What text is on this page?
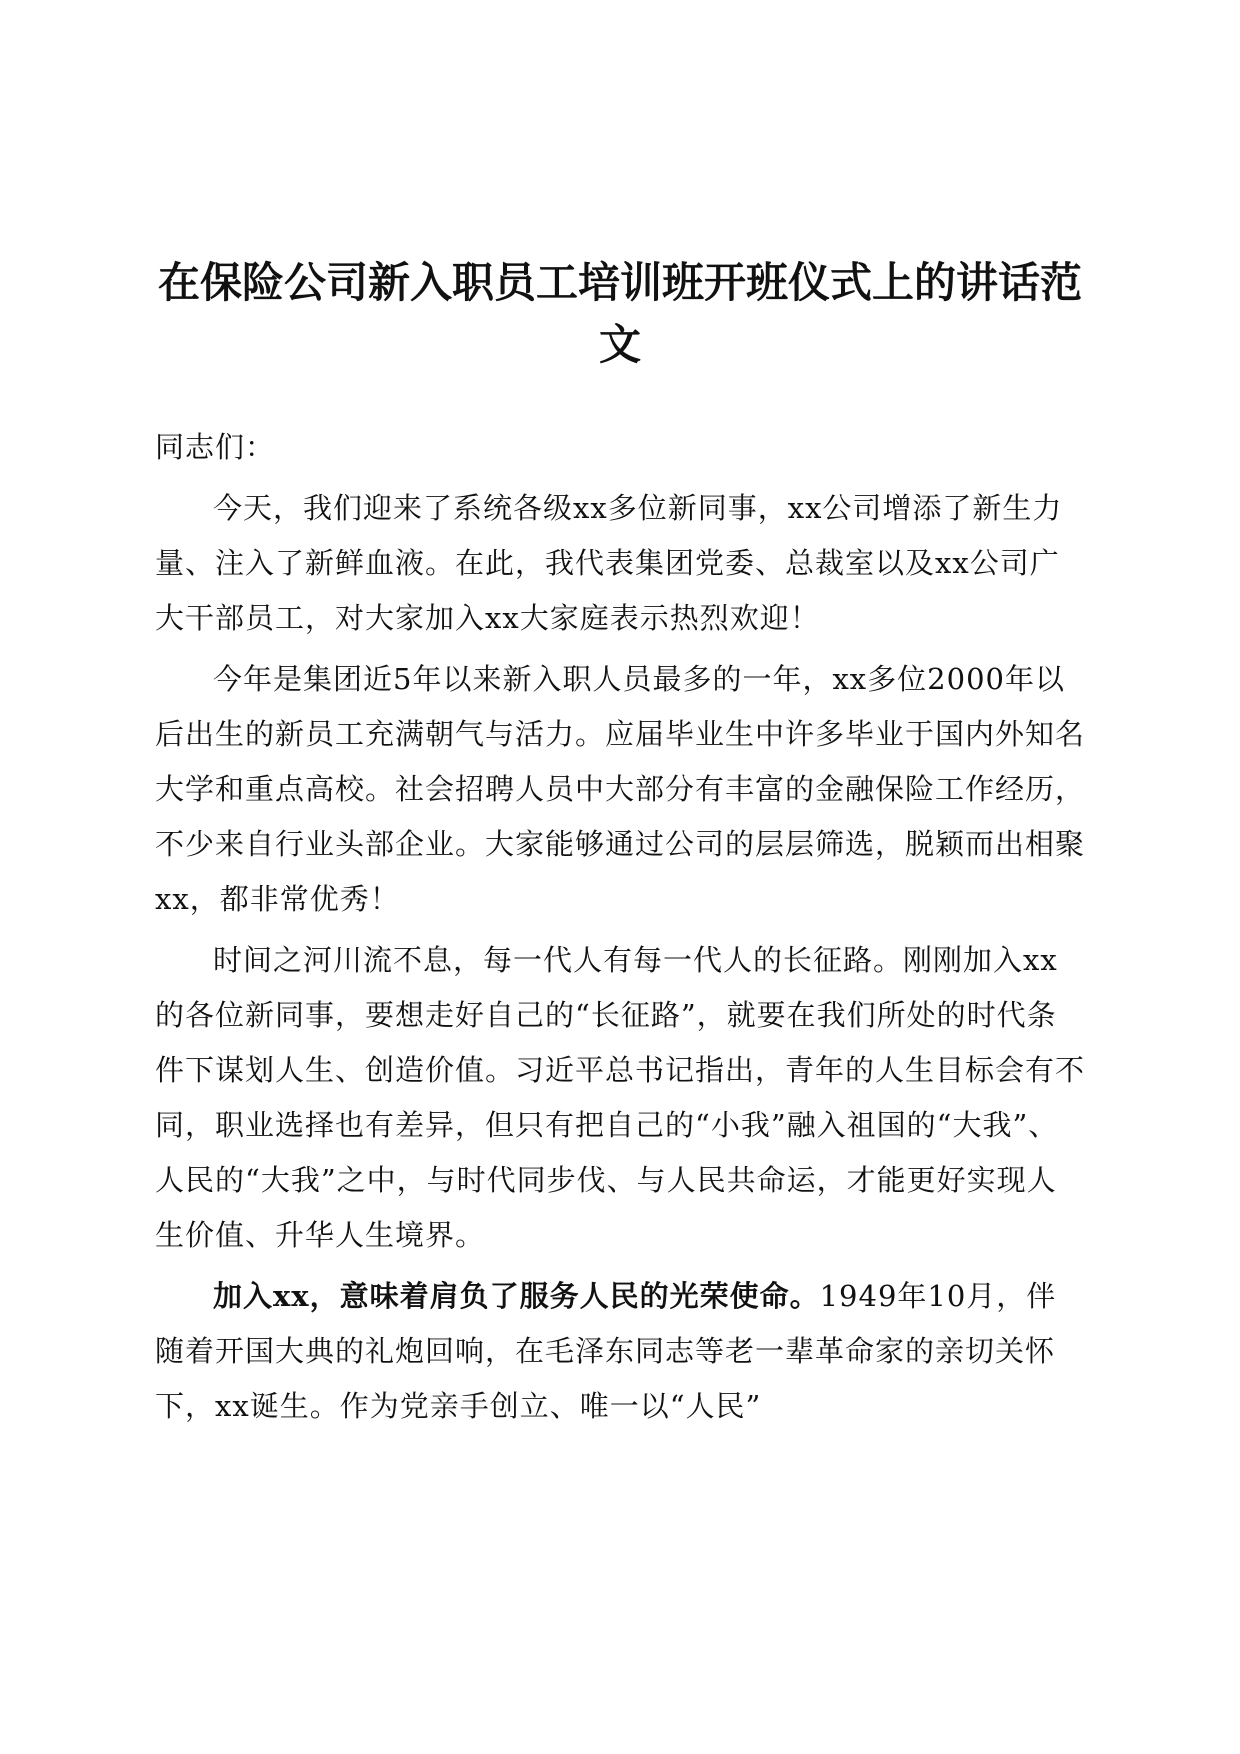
在保险公司新入职员工培训班开班仪式上的讲话范文

同志们：

今天，我们迎来了系统各级xx多位新同事，xx公司增添了新生力量、注入了新鲜血液。在此，我代表集团党委、总裁室以及xx公司广大干部员工，对大家加入xx大家庭表示热烈欢迎！

今年是集团近5年以来新入职人员最多的一年，xx多位2000年以后出生的新员工充满朝气与活力。应届毕业生中许多毕业于国内外知名大学和重点高校。社会招聘人员中大部分有丰富的金融保险工作经历，不少来自行业头部企业。大家能够通过公司的层层筛选，脱颖而出相聚xx，都非常优秀！

时间之河川流不息，每一代人有每一代人的长征路。刚刚加入xx的各位新同事，要想走好自己的“长征路”，就要在我们所处的时代条件下谋划人生、创造价值。习近平总书记指出，青年的人生目标会有不同，职业选择也有差异，但只有把自己的“小我”融入祖国的“大我”、人民的“大我”之中，与时代同步伐、与人民共命运，才能更好实现人生价值、升华人生境界。

加入xx，意味着肩负了服务人民的光荣使命。1949年10月，伴随着开国大典的礼炮回响，在毛泽东同志等老一辈革命家的亲切关怀下，xx诞生。作为党亲手创立、唯一以“人民”
